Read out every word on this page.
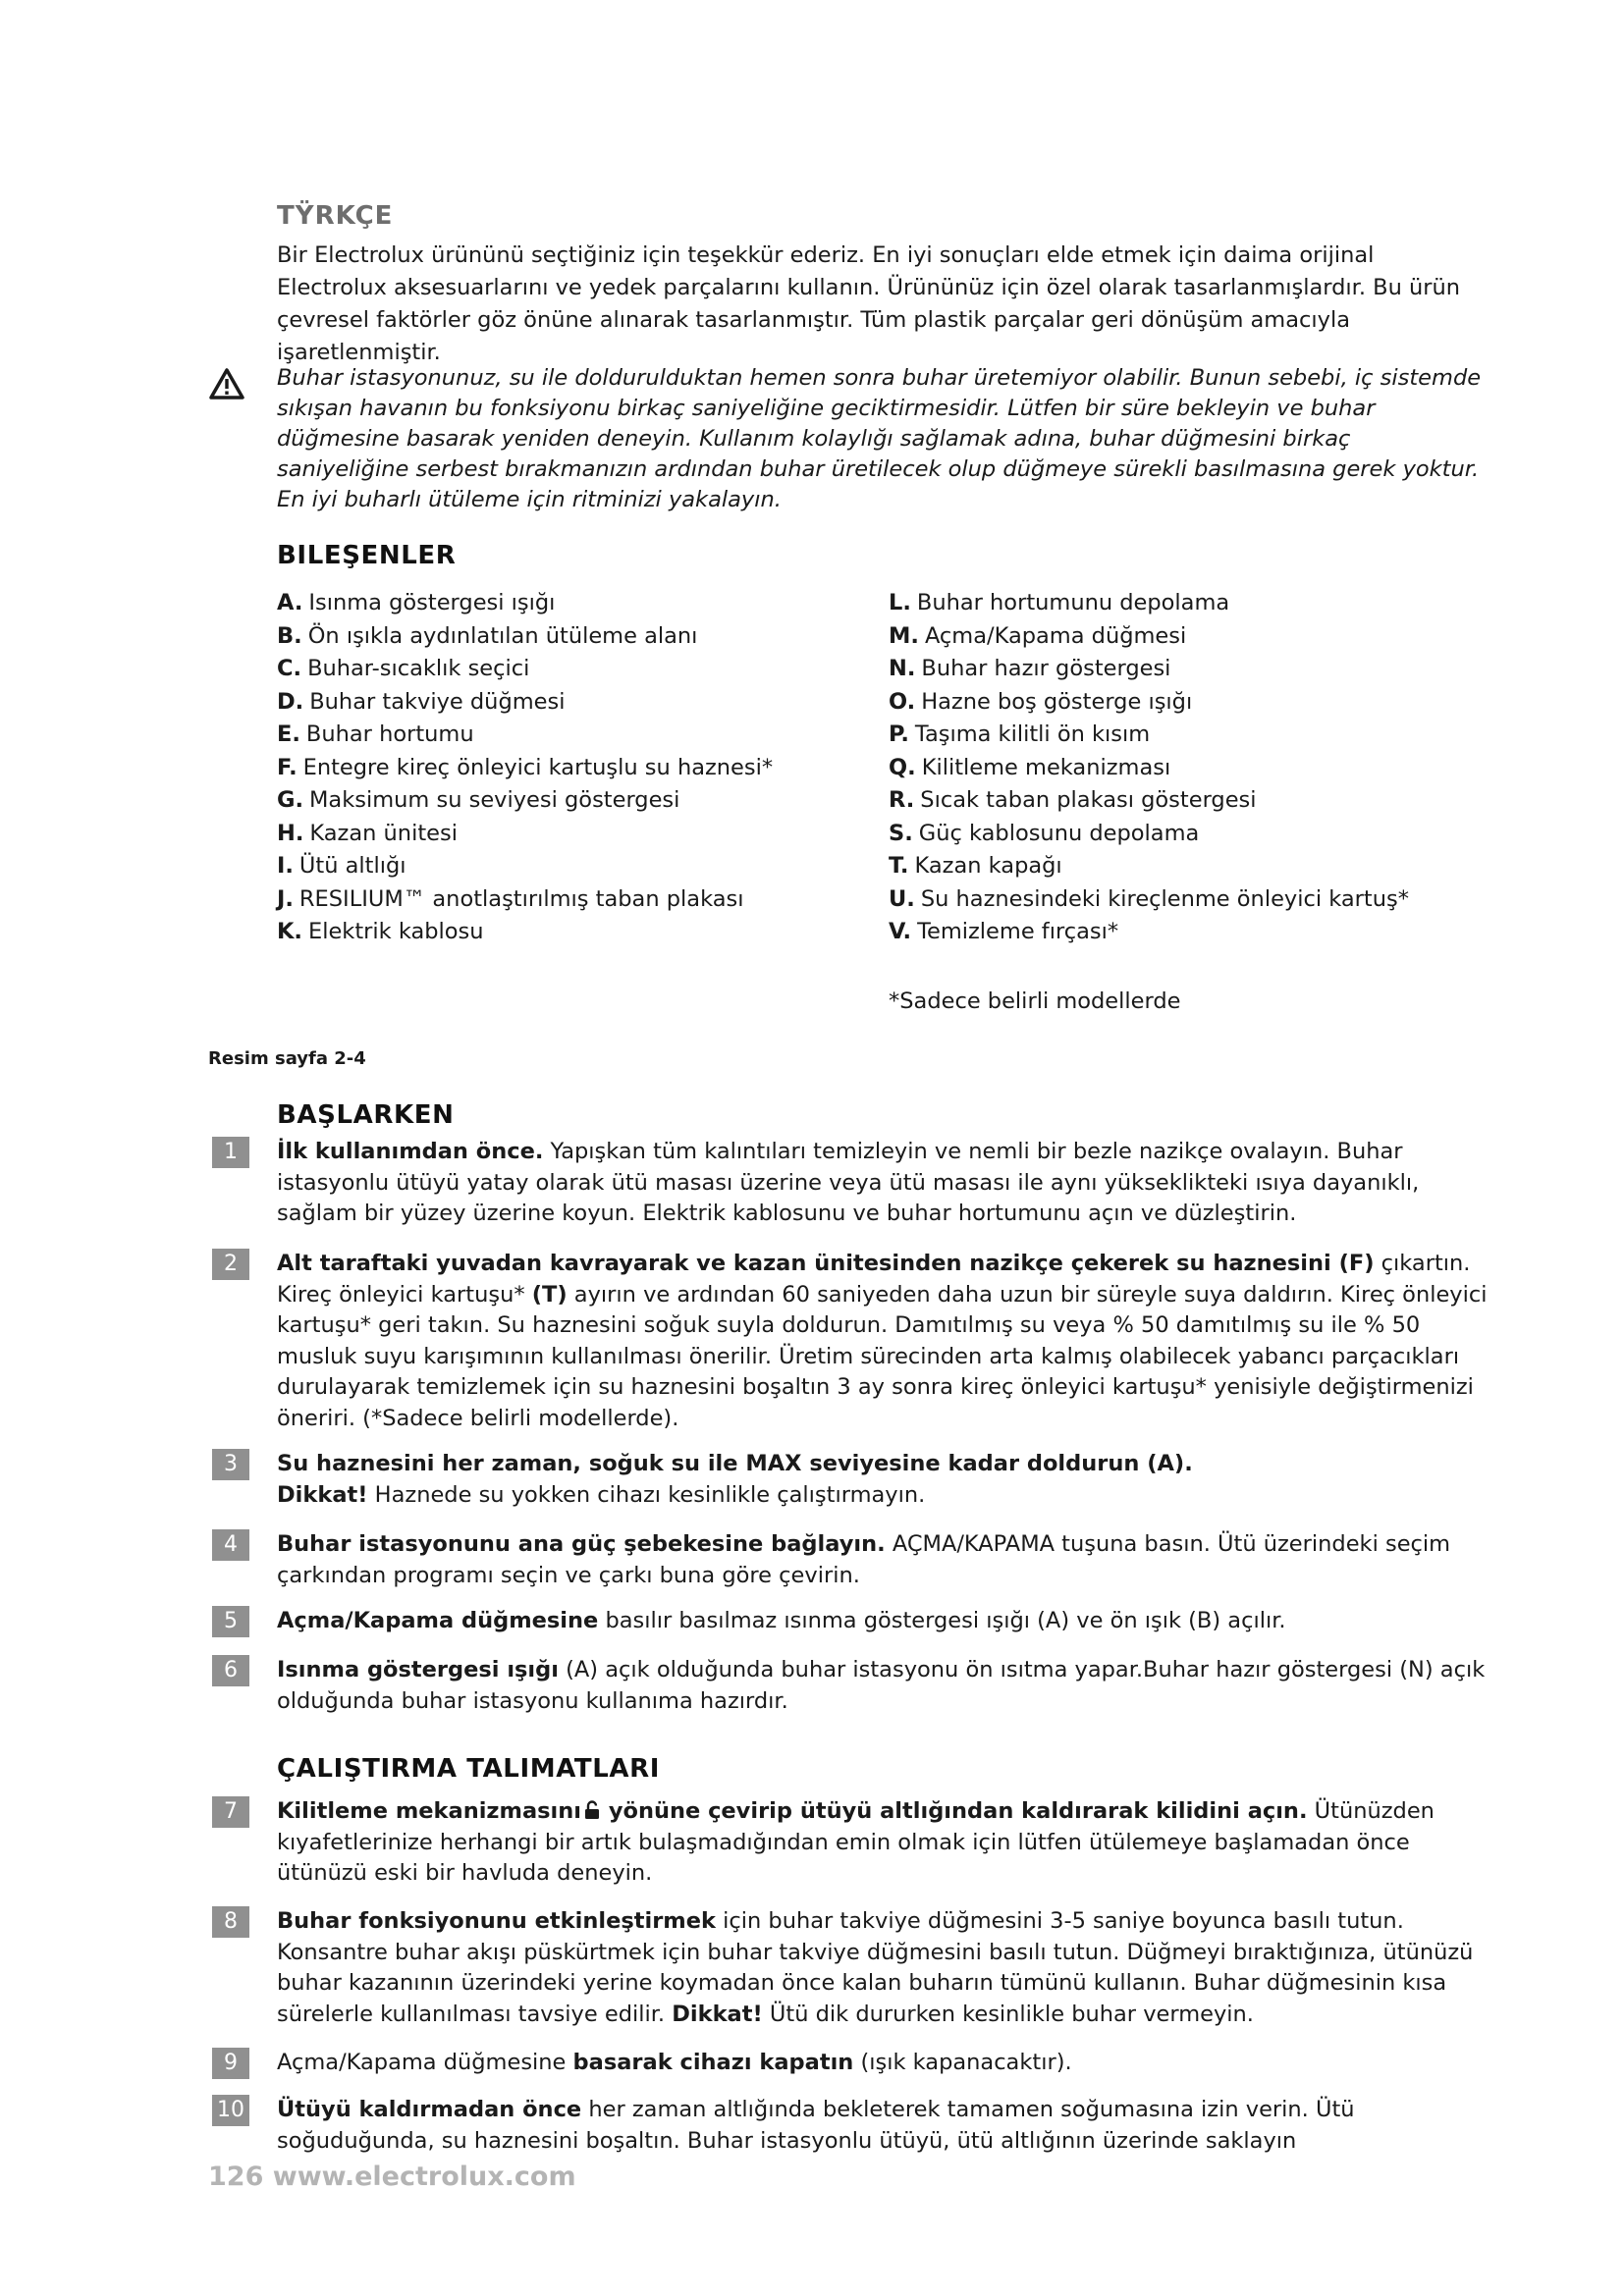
TŸRKÇE

Bir Electrolux ürününü seçtiğiniz için teşekkür ederiz. En iyi sonuçları elde etmek için daima orijinal Electrolux aksesuarlarını ve yedek parçalarını kullanın. Ürününüz için özel olarak tasarlanmışlardır. Bu ürün çevresel faktörler göz önüne alınarak tasarlanmıştır. Tüm plastik parçalar geri dönüşüm amacıyla işaretlenmiştir.

Buhar istasyonunuz, su ile doldurulduktan hemen sonra buhar üretemiyor olabilir. Bunun sebebi, iç sistemde sıkışan havanın bu fonksiyonu birkaç saniyeliğine geciktirmesidir. Lütfen bir süre bekleyin ve buhar düğmesine basarak yeniden deneyin. Kullanım kolaylığı sağlamak adına, buhar düğmesini birkaç saniyeliğine serbest bırakmanızın ardından buhar üretilecek olup düğmeye sürekli basılmasına gerek yoktur. En iyi buharlı ütüleme için ritminizi yakalayın.

BILEŞENLER
A. Isınma göstergesi ışığı
B. Ön ışıkla aydınlatılan ütüleme alanı
C. Buhar-sıcaklık seçici
D. Buhar takviye düğmesi
E. Buhar hortumu
F. Entegre kireç önleyici kartuşlu su haznesi*
G. Maksimum su seviyesi göstergesi
H. Kazan ünitesi
I. Ütü altlığı
J. RESILIUM™ anotlaştırılmış taban plakası
K. Elektrik kablosu
L. Buhar hortumunu depolama
M. Açma/Kapama düğmesi
N. Buhar hazır göstergesi
O. Hazne boş gösterge ışığı
P. Taşıma kilitli ön kısım
Q. Kilitleme mekanizması
R. Sıcak taban plakası göstergesi
S. Güç kablosunu depolama
T. Kazan kapağı
U. Su haznesindeki kireçlenme önleyici kartuş*
V. Temizleme fırçası*
*Sadece belirli modellerde
Resim sayfa 2-4
BAŞLARKEN
1	İlk kullanımdan önce. Yapışkan tüm kalıntıları temizleyin ve nemli bir bezle nazikçe ovalayın. Buhar istasyonlu ütüyü yatay olarak ütü masası üzerine veya ütü masası ile aynı yükseklikteki ısıya dayanıklı, sağlam bir yüzey üzerine koyun. Elektrik kablosunu ve buhar hortumunu açın ve düzleştirin.
2	Alt taraftaki yuvadan kavrayarak ve kazan ünitesinden nazikçe çekerek su haznesini (F) çıkartın. Kireç önleyici kartuşu* (T) ayırın ve ardından 60 saniyeden daha uzun bir süreyle suya daldırın. Kireç önleyici kartuşu* geri takın. Su haznesini soğuk suyla doldurun. Damıtılmış su veya % 50 damıtılmış su ile % 50 musluk suyu karışımının kullanılması önerilir. Üretim sürecinden arta kalmış olabilecek yabancı parçacıkları durulayarak temizlemek için su haznesini boşaltın 3 ay sonra kireç önleyici kartuşu* yenisiyle değiştirmenizi öneriri. (*Sadece belirli modellerde).
3	Su haznesini her zaman, soğuk su ile MAX seviyesine kadar doldurun (A).
Dikkat! Haznede su yokken cihazı kesinlikle çalıştırmayın.
4	Buhar istasyonunu ana güç şebekesine bağlayın. AÇMA/KAPAMA tuşuna basın. Ütü üzerindeki seçim çarkından programı seçin ve çarkı buna göre çevirin.
5	Açma/Kapama düğmesine basılır basılmaz ısınma göstergesi ışığı (A) ve ön ışık (B) açılır.
6	Isınma göstergesi ışığı (A) açık olduğunda buhar istasyonu ön ısıtma yapar.Buhar hazır göstergesi (N) açık olduğunda buhar istasyonu kullanıma hazırdır.
ÇALIŞTIRMA TALIMATLARI
7	Kilitleme mekanizmasını yönüne çevirip ütüyü altlığından kaldırarak kilidini açın. Ütünüzden kıyafetlerinize herhangi bir artık bulaşmadığından emin olmak için lütfen ütülemeye başlamadan önce ütünüzü eski bir havluda deneyin.
8	Buhar fonksiyonunu etkinleştirmek için buhar takviye düğmesini 3-5 saniye boyunca basılı tutun. Konsantre buhar akışı püskürtmek için buhar takviye düğmesini basılı tutun. Düğmeyi bıraktığınıza, ütünüzü buhar kazanının üzerindeki yerine koymadan önce kalan buharın tümünü kullanın. Buhar düğmesinin kısa sürelerle kullanılması tavsiye edilir. Dikkat! Ütü dik dururken kesinlikle buhar vermeyin.
9	Açma/Kapama düğmesine basarak cihazı kapatın (ışık kapanacaktır).
10 Ütüyü kaldırmadan önce her zaman altlığında bekleterek tamamen soğumasına izin verin. Ütü soğuduğunda, su haznesini boşaltın. Buhar istasyonlu ütüyü, ütü altlığının üzerinde saklayın
126 www.electrolux.com
